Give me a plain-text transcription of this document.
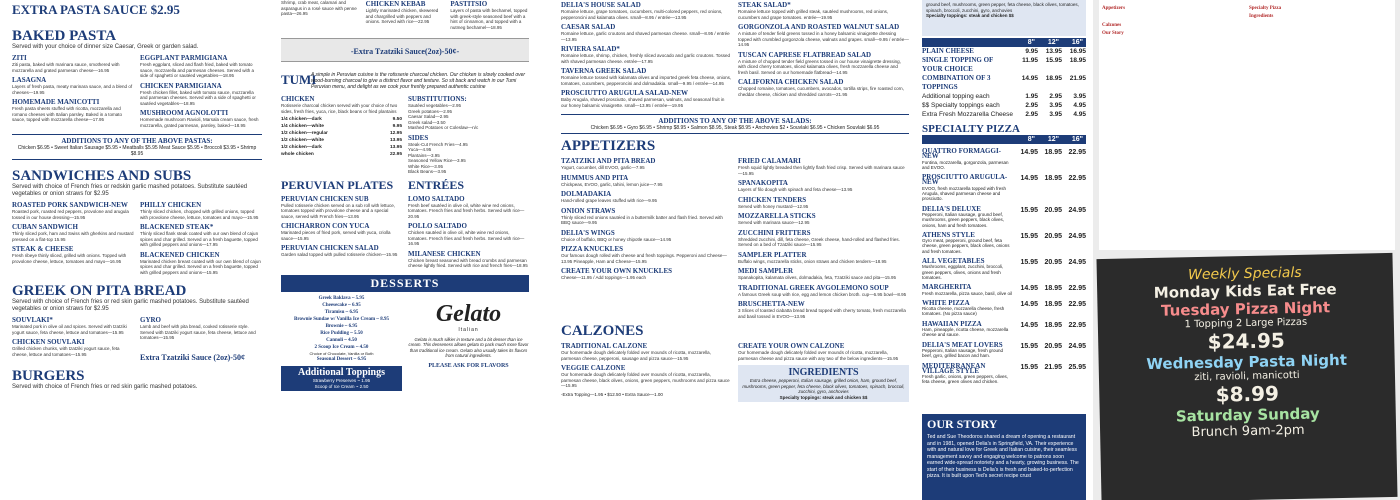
EXTRA PASTA SAUCE $2.95
BAKED PASTA
Served with your choice of dinner size Caesar, Greek or garden salad.
ZITI
Ziti pasta, baked with marinara sauce, smothered with mozzarella and grated parmesan cheese—16.95
LASAGNA
Layers of fresh pasta, meaty marinara sauce, and a blend of cheeses—19.95
HOMEMADE MANICOTTI
Fresh pasta sheets stuffed with ricotta, mozzarella and romano cheeses with Italian parsley. Baked in a tomato sauce, topped with mozzarella cheese—17.95
EGGPLANT PARMIGIANA
Fresh eggplant, sliced and flash fried, baked with tomato sauce, mozzarella and parmesan cheeses. Served with a side of spaghetti or sautéed vegetables—18.95
CHICKEN PARMIGIANA
Fresh chicken fillet, baked with tomato sauce, mozzarella and parmesan cheeses. Served with a side of spaghetti or sautéed vegetables—18.95
MUSHROOM AGNOLOTTI
Homemade mushroom Ravioli, Marsala cream sauce, fresh mozzarella, grated parmesan, parsley, baked—18.95
ADDITIONS TO ANY OF THE ABOVE PASTAS:
Chicken $6.95 • Sweet Italian Sausage $5.95 • Meatballs $5.95 Meat Sauce $5.95 • Broccoli $3.95 • Shrimp $8.95
SANDWICHES AND SUBS
Served with choice of French fries or redskin garlic mashed potatoes. Substitute sautéed vegetables or onion straws for $2.95
ROASTED PORK SANDWICH-NEW
Roasted pork, roasted red peppers, provolone and arugula tossed in our house dressing—15.95
CUBAN SANDWICH
Thinly sliced pork, ham and Swiss with gherkins and mustard pressed on a flat-top 15.95
STEAK & CHEESE
Fresh ribeye thinly sliced, grilled with onions. Topped with provolone cheese, lettuce, tomatoes and mayo—16.95
PHILLY CHICKEN
Thinly sliced chicken, chopped with grilled onions, topped with provolone cheese, lettuce, tomatoes and mayo—15.95
BLACKENED STEAK*
Thinly sliced flank steak coated with our own blend of cajun spices and char grilled. Served on a fresh baguette, topped with grilled peppers and onions—17.95
BLACKENED CHICKEN
Marinated chicken breast coated with our own blend of cajun spices and char grilled. Served on a fresh baguette, topped with grilled peppers and onions—15.95
GREEK ON PITA BREAD
Served with choice of French fries or red skin garlic mashed potatoes. Substitute sautéed vegetables or onion straws for $2.95
SOUVLAKI*
Marinated pork in olive oil and spices. Served with tzatziki yogurt sauce, feta cheese, lettuce and tomatoes—15.95
CHICKEN SOUVLAKI
Grilled chicken chunks, with tzatziki yogurt sauce, feta cheese, lettuce and tomatoes—15.95
GYRO
Lamb and beef with pita bread, cooked rotisserie style. Served with tzatziki yogurt sauce, feta cheese, lettuce and tomatoes—15.95
Extra Tzatziki Sauce (2oz)-50¢
BURGERS
Served with choice of French fries or red skin garlic mashed potatoes.
Shrimp, crab meat, calamari and asparagus in a rosé sauce with penne pasta—26.95
CHICKEN KEBAB
Lightly marinated chicken, skewered and chargrilled with peppers and onions. Served with rice—22.95
PASTITSIO
Layers of pasta with bechamel, topped with greek-style seasoned beef with a hint of cinnamon, and topped with a nutmeg bechamel—18.95
-Extra Tzatziki Sauce(2oz)-50¢-
TUMI
A simple in Peruvian cuisine is the rotisserie charcoal chicken. Our chicken is slowly cooked over wood-burning charcoal to give a distinct flavor and texture. So sit back and watch in our Tumi Peruvian menu, and delight as we cook your freshly prepared authentic cuisine
CHICKEN
Rotisserie charcoal chicken served with your choice of two sides, fresh fries, yuca, rice, black beans or fried plantains
1/4 chicken—dark	9.50
1/4 chicken—white	9.95
1/2 chicken—regular	12.95
1/2 chicken—white	13.95
1/2 chicken—dark	13.95
whole chicken	22.95
SUBSTITUTIONS:
Sautéed vegetables—2.95
Greek potatoes—2.95
Caesar Salad—2.95
Greek salad—3.50
Mashed Potatoes or Coleslaw—n/c
SIDES
Steak-Cut French Fries—4.95
Yuca—4.95
Plantains—3.95
Seasoned Yellow Rice—3.95
White Rice—3.95
Black Beans—3.95
PERUVIAN PLATES
PERUVIAN CHICKEN SUB
Pulled rotisserie chicken served on a sub roll with lettuce, tomatoes topped with provolone cheese and a special sauce, served with French fries—13.95
CHICHARRON CON YUCA
Marinated pieces of fried pork, served with yuca, criolla sauce—15.95
PERUVIAN CHICKEN SALAD
Garden salad topped with pulled rotisserie chicken—15.95
ENTRÉES
LOMO SALTADO
Fresh beef sautéed in olive oil, white wine red onions, tomatoes. French fries and fresh herbs. Served with rice—20.95
POLLO SALTADO
Chicken sautéed in olive oil, white wine red onions, tomatoes. French fries and fresh herbs. Served with rice—16.95
MILANESE CHICKEN
Chicken breast seasoned with bread crumbs and parmesan cheese lightly fried. Served with rice and french fries—18.95
DESSERTS
Greek Baklava ~ 5.95
Cheesecake ~ 6.95
Tiramisu ~ 6.95
Brownie Sundae w/ Vanilla Ice Cream ~ 8.95
Brownie ~ 6.95
Rice Pudding ~ 5.50
Cannoli ~ 4.50
2 Scoop Ice Cream ~ 4.50
Choice of Chocolate, Vanilla or Both
Seasonal Dessert ~ 6.95
Additional Toppings
Strawberry Preserves ~ 1.95
Scoop of Ice Cream ~ 2.50
Gelato
Italian
Gelato is much silkier in texture and a bit denser than ice cream. This denseness allows gelato to pack much more flavor than traditional ice cream. Gelato also usually takes its flavors from natural ingredients.
PLEASE ASK FOR FLAVORS
DELIA'S HOUSE SALAD
Romaine lettuce, grape tomatoes, cucumbers, multi-colored peppers, red onions, pepperoncini and kalamata olives. small—8.95 / entrée—13.95
CAESAR SALAD
Romaine lettuce, garlic croutons and shaved parmesan cheese. small—8.95 / entrée—13.95
RIVIERA SALAD*
Romaine lettuce, shrimp, chicken, freshly sliced avocado and garlic croutons. Tossed with shaved parmesan cheese. entrée—17.95
TAVERNA GREEK SALAD
Romaine lettuce tossed with kalamata olives and imported greek feta cheese, onions, tomatoes, cucumbers, pepperoncini and dolmadakia. small—9.95 / entrée—14.95
PROSCIUTTO ARUGULA SALAD-NEW
Baby Arugula, shaved prosciutto, shaved parmesan, walnuts, and seasonal fruit in our honey balsamic vinaigrette. small—13.95 / entrée—19.95
STEAK SALAD*
Romaine lettuce topped with grilled steak, sautéed mushrooms, red onions, cucumbers and grape tomatoes. entrée—19.95
GORGONZOLA AND ROASTED WALNUT SALAD
A mixture of tender field greens tossed in a honey balsamic vinaigrette dressing topped with crumbled gorgonzola cheese, walnuts and grapes. small—9.95 / entrée—14.95
TUSCAN CAPRESE FLATBREAD SALAD
A mixture of chopped tender field greens tossed in our house vinaigrette dressing, with diced cherry tomatoes, sliced kalamata olives, fresh mozzarella cheese and fresh basil. Served on our homemade flatbread—14.95
CALIFORNIA CHICKEN SALAD
Chopped romaine, tomatoes, cucumbers, avocados, tortilla strips, fire roasted corn, cheddar cheese, chicken and shredded carrots—21.95
ADDITIONS TO ANY OF THE ABOVE SALADS:
Chicken $6.95 • Gyro $6.95 • Shrimp $8.95 • Salmon $8.95, Steak $8.95 • Anchovies $2 • Souvlaki $6.95 • Chicken Souvlaki $6.95
APPETIZERS
TZATZIKI AND PITA BREAD
Yogurt, cucumber, dill EVOO, garlic—7.95
HUMMUS AND PITA
Chickpeas, EVOO, garlic, tahini, lemon juice—7.95
DOLMADAKIA
Hand-rolled grape leaves stuffed with rice—9.95
ONION STRAWS
Thinly sliced red onions sautéed in a buttermilk batter and flash fried. Served with BBQ sauce—9.95
DELIA'S WINGS
Choice of buffalo, BBQ or honey chipotle sauce—14.95
PIZZA KNUCKLES
Our famous dough rolled with cheese and fresh toppings. Pepperoni and Cheese—13.95 Pineapple, Ham and Cheese—15.95
CREATE YOUR OWN KNUCKLES
Cheese—11.95 / Add toppings—1.95 each
FRIED CALAMARI
Fresh squid lightly breaded then lightly flash fried crisp. Served with marinara sauce—15.95
SPANAKOPITA
Layers of filo dough with spinach and feta cheese—13.95
CHICKEN TENDERS
Served with honey mustard—12.95
MOZZARELLA STICKS
Served with marinara sauce—12.95
ZUCCHINI FRITTERS
Shredded zucchini, dill, feta cheese, Greek cheese, hand-rolled and flashed fries. Served on a bed of Tzatziki sauce—15.95
SAMPLER PLATTER
Buffalo wings, mozzarella sticks, onion straws and chicken tenders—18.95
MEDI SAMPLER
Spanakopita, kalamata olives, dolmadakia, feta, Tzatziki sauce and pita—15.95
TRADITIONAL GREEK AVGOLEMONO SOUP
A famous Greek soup with rice, egg and lemon chicken broth. cup—6.95 bowl—8.95
BRUSCHETTA-NEW
3 Slices of toasted ciabatta bread bread topped with cherry tomato, fresh mozzarella and basil tossed in EVOO—13.95
CALZONES
TRADITIONAL CALZONE
Our homemade dough delicately folded over mounds of ricotta, mozzarella, parmesan cheese, pepperoni, sausage and pizza sauce—15.95
VEGGIE CALZONE
Our homemade dough delicately folded over mounds of ricotta, mozzarella, parmesan cheese, black olives, onions, green peppers, mushrooms and pizza sauce—15.95
-Extra Topping—1.95 • $12.50 • Extra Sauce—1.00
CREATE YOUR OWN CALZONE
Our homemade dough delicately folded over mounds of ricotta, mozzarella, parmesan cheese and pizza sauce with any two of the below ingredients—15.95
INGREDIENTS
Extra cheese, pepperoni, Italian sausage, grilled onion, ham, ground beef, mushrooms, green pepper, feta cheese, black olives, tomatoes, spinach, broccoli, zucchini, gyro, anchovies
Specialty toppings: steak and chicken $$
ground beef, mushrooms, green pepper, feta cheese, black olives, tomatoes, spinach, broccoli, zucchini, gyro, anchovies
Specialty toppings: steak and chicken $$
8"	12"	16"
PLAIN CHEESE	9.95	13.95	16.95
SINGLE TOPPING OF YOUR CHOICE
11.95	15.95	18.95
COMBINATION OF 3 TOPPINGS
14.95	18.95	21.95
Additional topping each	1.95	2.95	3.95
$$ Specialty toppings each	2.95	3.95	4.95
Extra Fresh Mozzarella Cheese	2.95	3.95	4.95
SPECIALTY PIZZA
8"	12"	16"
QUATTRO FORMAGGI-NEW
Fontina, mozzarella, gorgonzola, parmesan and EVOO.
14.95 18.95 22.95
PROSCIUTTO ARUGULA-NEW
EVOO, fresh mozzarella topped with fresh Arugula, shaved parmesan cheese and prosciutto.
14.95 18.95 22.95
DELIA'S DELUXE
Pepperoni, Italian sausage, ground beef, mushrooms, green peppers, black olives, onions, ham and fresh tomatoes.
15.95 20.95 24.95
ATHENS STYLE
Gyro meat, pepperoni, ground beef, feta cheese, green peppers, black olives, onions and fresh tomatoes.
15.95 20.95 24.95
ALL VEGETABLES
Mushrooms, eggplant, zucchini, broccoli, green peppers, olives, onions and fresh tomatoes.
15.95 20.95 24.95
MARGHERITA
Fresh mozzarella, pizza sauce, basil, olive oil
14.95 18.95 22.95
WHITE PIZZA
Ricotta cheese, mozzarella cheese, fresh tomatoes. (No pizza sauce)
14.95 18.95 22.95
HAWAIIAN PIZZA
Ham, pineapple, ricotta cheese, mozzarella cheese and sauce.
14.95 18.95 22.95
DELIA'S MEAT LOVERS
Pepperoni, Italian sausage, fresh ground beef, gyro, grilled bacon and ham.
15.95 20.95 24.95
MEDITERRANEAN VILLAGE STYLE
Fresh garlic, onions, green peppers, olives, feta cheese, green olives and chicken.
15.95 21.95 25.95
OUR STORY
Ted and Sue Theodorou shared a dream of opening a restaurant and in 1981, opened Delia's in Springfield, VA. Their experience with and natural love for Greek and Italian cuisine, their seamless management savvy and engaging welcome to patrons soon earned wide-spread notoriety and a hearty, growing business. The start of their business is Delia's is fresh and baked-to-perfection pizza. It is built upon Ted's secret recipe crust
Appetizers

Calzones
Our Story
Specialty Pizza
Ingredients
Weekly Specials
Monday Kids Eat Free
Tuesday Pizza Night
1 Topping 2 Large Pizzas
$24.95
Wednesday Pasta Night
ziti, ravioli, manicotti
$8.99
Saturday Sunday
Brunch 9am-2pm
